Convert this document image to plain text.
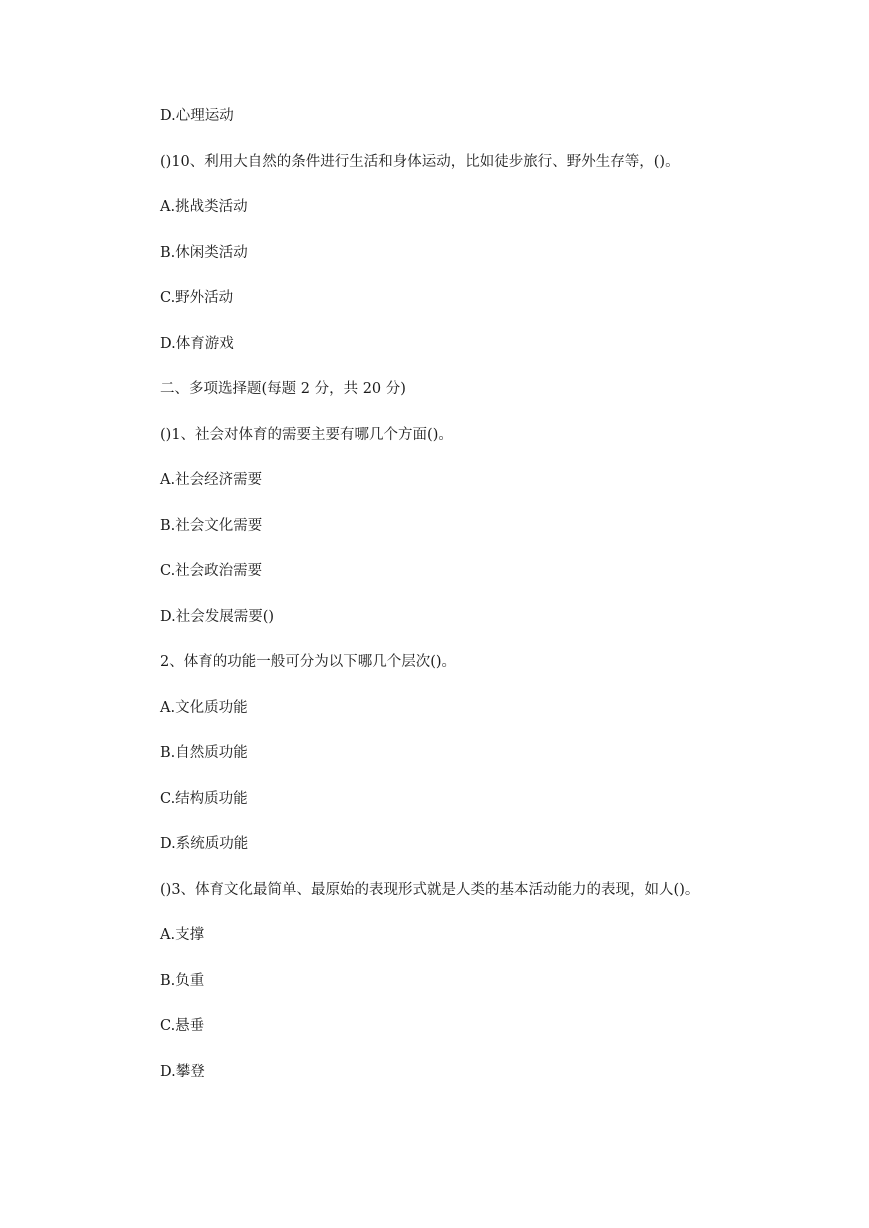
D.心理运动
()10、利用大自然的条件进行生活和身体运动，比如徒步旅行、野外生存等，()。
A.挑战类活动
B.休闲类活动
C.野外活动
D.体育游戏
二、多项选择题(每题 2 分，共 20 分)
()1、社会对体育的需要主要有哪几个方面()。
A.社会经济需要
B.社会文化需要
C.社会政治需要
D.社会发展需要()
2、体育的功能一般可分为以下哪几个层次()。
A.文化质功能
B.自然质功能
C.结构质功能
D.系统质功能
()3、体育文化最简单、最原始的表现形式就是人类的基本活动能力的表现，如人()。
A.支撑
B.负重
C.悬垂
D.攀登
